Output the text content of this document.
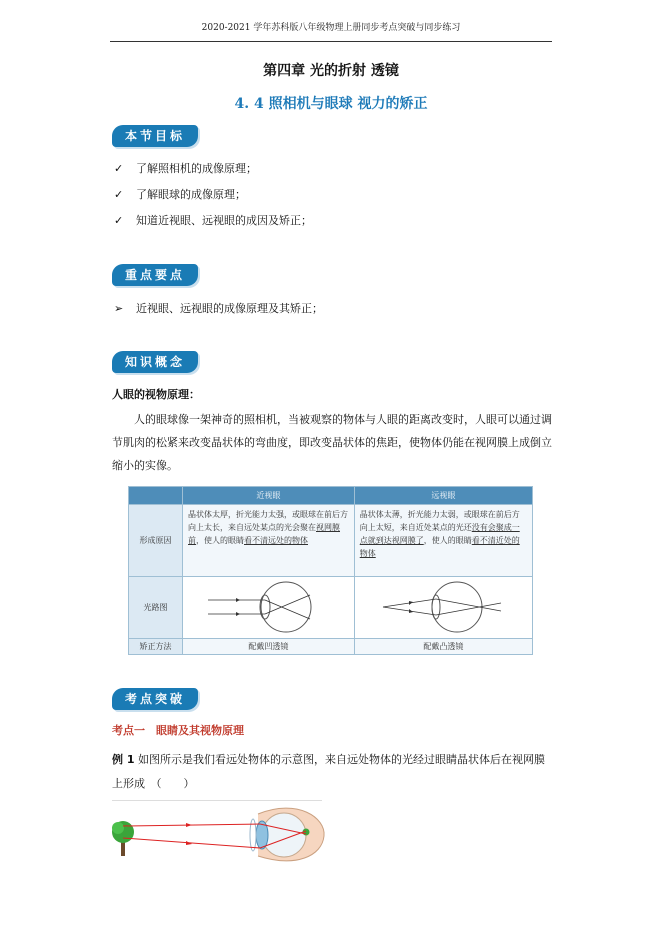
2020-2021 学年苏科版八年级物理上册同步考点突破与同步练习
第四章 光的折射 透镜
4. 4 照相机与眼球 视力的矫正
本节目标
✓ 了解照相机的成像原理；
✓ 了解眼球的成像原理；
✓ 知道近视眼、远视眼的成因及矫正；
重点要点
➢ 近视眼、远视眼的成像原理及其矫正；
知识概念
人眼的视物原理：
人的眼球像一架神奇的照相机，当被观察的物体与人眼的距离改变时，人眼可以通过调节肌肉的松紧来改变晶状体的弯曲度，即改变晶状体的焦距，使物体仍能在视网膜上成倒立缩小的实像。
	近视眼	远视眼
形成原因	晶状体太厚，折光能力太强，或眼球在前后方向上太长，来自远处某点的光会聚在视网膜前，使人的眼睛看不清远处的物体	晶状体太薄，折光能力太弱，或眼球在前后方向上太短，来自近处某点的光还没有会聚成一点就到达视网膜了，使人的眼睛看不清近处的物体
光路图		
矫正方法	配戴凹透镜	配戴凸透镜
考点突破
考点一　眼睛及其视物原理
例 1 如图所示是我们看远处物体的示意图，来自远处物体的光经过眼睛晶状体后在视网膜上形成　（　　）
